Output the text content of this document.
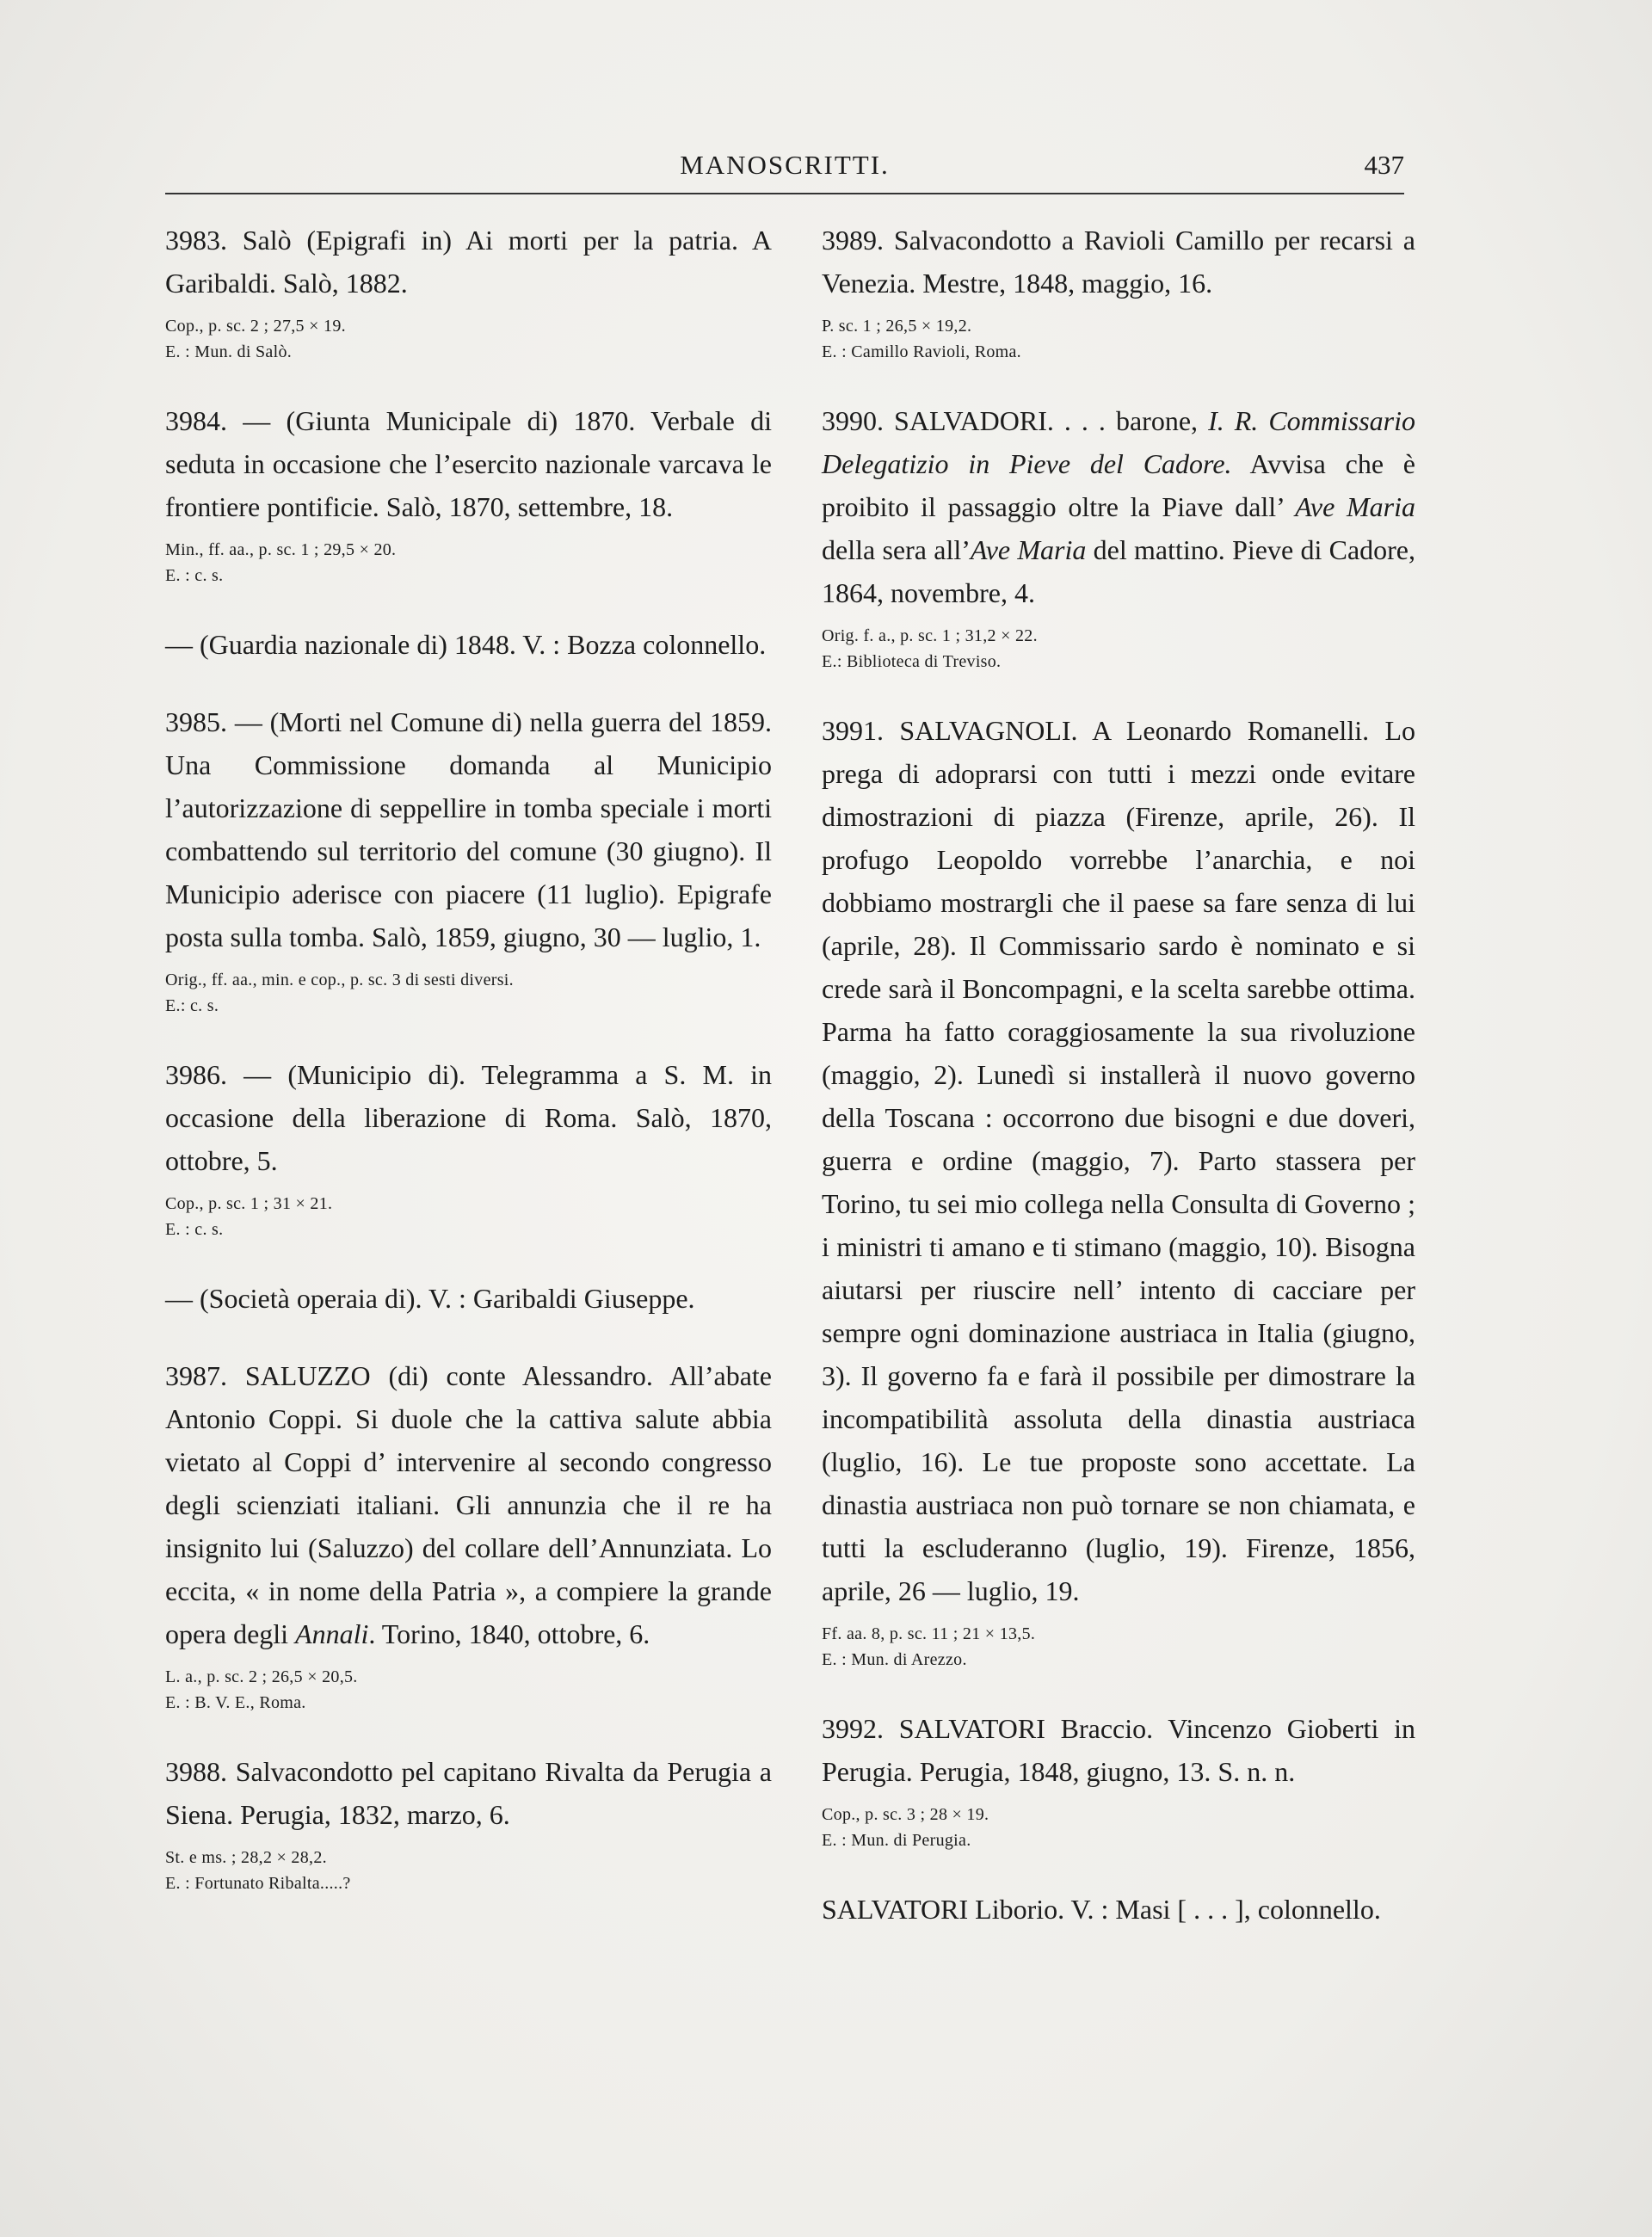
MANOSCRITTI.	437

3983. Salò (Epigrafi in) Ai morti per la patria. A Garibaldi. Salò, 1882.

Cop., p. sc. 2 ; 27,5 × 19.
E. : Mun. di Salò.

3984. — (Giunta Municipale di) 1870. Verbale di seduta in occasione che l’esercito nazionale varcava le frontiere pontificie. Salò, 1870, settembre, 18.

Min., ff. aa., p. sc. 1 ; 29,5 × 20.
E. : c. s.

— (Guardia nazionale di) 1848. V. : Bozza colonnello.

3985. — (Morti nel Comune di) nella guerra del 1859. Una Commissione domanda al Municipio l’autorizzazione di seppellire in tomba speciale i morti combattendo sul territorio del comune (30 giugno). Il Municipio aderisce con piacere (11 luglio). Epigrafe posta sulla tomba. Salò, 1859, giugno, 30 — luglio, 1.

Orig., ff. aa., min. e cop., p. sc. 3 di sesti diversi.
E.: c. s.

3986. — (Municipio di). Telegramma a S. M. in occasione della liberazione di Roma. Salò, 1870, ottobre, 5.

Cop., p. sc. 1 ; 31 × 21.
E. : c. s.

— (Società operaia di). V. : Garibaldi Giuseppe.

3987. SALUZZO (di) conte Alessandro. All’abate Antonio Coppi. Si duole che la cattiva salute abbia vietato al Coppi d’ intervenire al secondo congresso degli scienziati italiani. Gli annunzia che il re ha insignito lui (Saluzzo) del collare dell’Annunziata. Lo eccita, « in nome della Patria », a compiere la grande opera degli Annali. Torino, 1840, ottobre, 6.

L. a., p. sc. 2 ; 26,5 × 20,5.
E. : B. V. E., Roma.

3988. Salvacondotto pel capitano Rivalta da Perugia a Siena. Perugia, 1832, marzo, 6.

St. e ms. ; 28,2 × 28,2.
E. : Fortunato Ribalta.....?

3989. Salvacondotto a Ravioli Camillo per recarsi a Venezia. Mestre, 1848, maggio, 16.

P. sc. 1 ; 26,5 × 19,2.
E. : Camillo Ravioli, Roma.

3990. SALVADORI. . . . barone, I. R. Commissario Delegatizio in Pieve del Cadore. Avvisa che è proibito il passaggio oltre la Piave dall’ Ave Maria della sera all’Ave Maria del mattino. Pieve di Cadore, 1864, novembre, 4.

Orig. f. a., p. sc. 1 ; 31,2 × 22.
E.: Biblioteca di Treviso.

3991. SALVAGNOLI. A Leonardo Romanelli. Lo prega di adoprarsi con tutti i mezzi onde evitare dimostrazioni di piazza (Firenze, aprile, 26). Il profugo Leopoldo vorrebbe l’anarchia, e noi dobbiamo mostrargli che il paese sa fare senza di lui (aprile, 28). Il Commissario sardo è nominato e si crede sarà il Boncompagni, e la scelta sarebbe ottima. Parma ha fatto coraggiosamente la sua rivoluzione (maggio, 2). Lunedì si installerà il nuovo governo della Toscana : occorrono due bisogni e due doveri, guerra e ordine (maggio, 7). Parto stassera per Torino, tu sei mio collega nella Consulta di Governo ; i ministri ti amano e ti stimano (maggio, 10). Bisogna aiutarsi per riuscire nell’ intento di cacciare per sempre ogni dominazione austriaca in Italia (giugno, 3). Il governo fa e farà il possibile per dimostrare la incompatibilità assoluta della dinastia austriaca (luglio, 16). Le tue proposte sono accettate. La dinastia austriaca non può tornare se non chiamata, e tutti la escluderanno (luglio, 19). Firenze, 1856, aprile, 26 — luglio, 19.

Ff. aa. 8, p. sc. 11 ; 21 × 13,5.
E. : Mun. di Arezzo.

3992. SALVATORI Braccio. Vincenzo Gioberti in Perugia. Perugia, 1848, giugno, 13. S. n. n.

Cop., p. sc. 3 ; 28 × 19.
E. : Mun. di Perugia.

SALVATORI Liborio. V. : Masi [ . . . ], colonnello.
